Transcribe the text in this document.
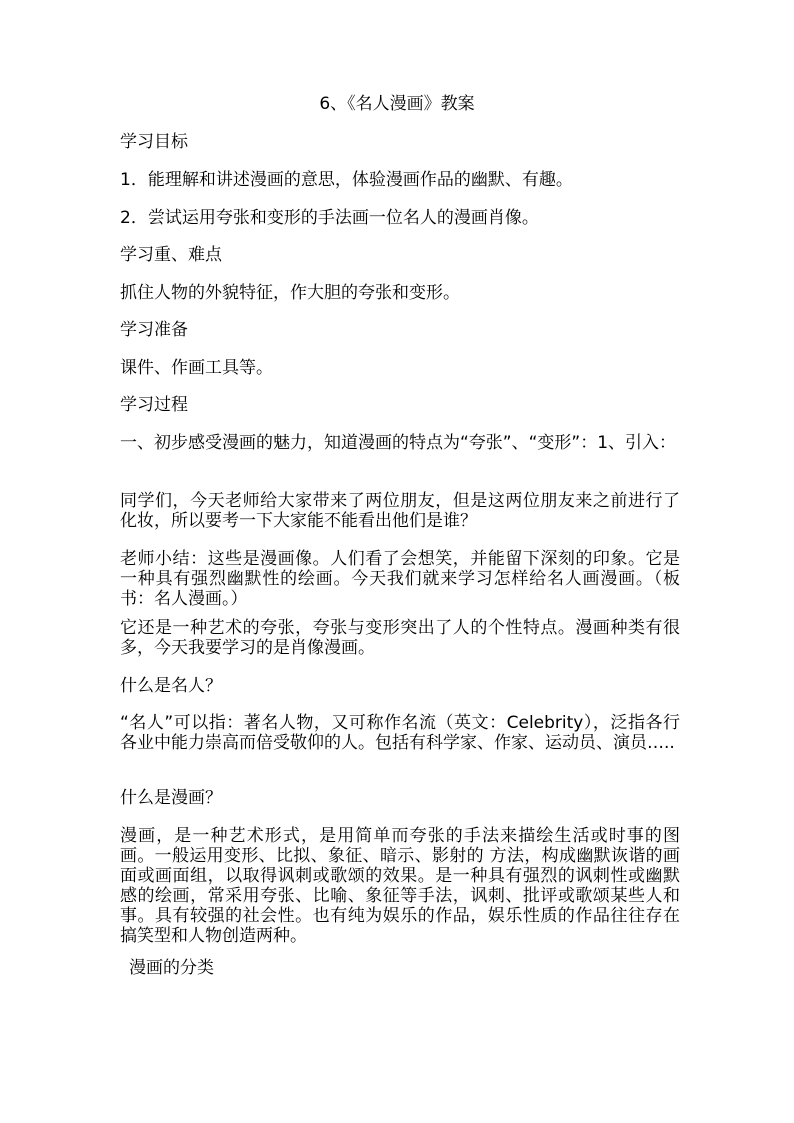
6、《名人漫画》教案

学习目标

1．能理解和讲述漫画的意思，体验漫画作品的幽默、有趣。

2．尝试运用夸张和变形的手法画一位名人的漫画肖像。

学习重、难点

抓住人物的外貌特征，作大胆的夸张和变形。

学习准备

课件、作画工具等。

学习过程

一、初步感受漫画的魅力，知道漫画的特点为“夸张”、“变形”：1、引入：

同学们，今天老师给大家带来了两位朋友，但是这两位朋友来之前进行了化妆，所以要考一下大家能不能看出他们是谁？

老师小结：这些是漫画像。人们看了会想笑，并能留下深刻的印象。它是一种具有强烈幽默性的绘画。今天我们就来学习怎样给名人画漫画。（板书：名人漫画。）

它还是一种艺术的夸张，夸张与变形突出了人的个性特点。漫画种类有很多，今天我要学习的是肖像漫画。

什么是名人？

“名人”可以指：著名人物，又可称作名流（英文：Celebrity），泛指各行各业中能力崇高而倍受敬仰的人。包括有科学家、作家、运动员、演员…..

什么是漫画？

漫画，是一种艺术形式，是用简单而夸张的手法来描绘生活或时事的图画。一般运用变形、比拟、象征、暗示、影射的 方法，构成幽默诙谐的画面或画面组，以取得讽刺或歌颂的效果。是一种具有强烈的讽刺性或幽默感的绘画，常采用夸张、比喻、象征等手法，讽刺、批评或歌颂某些人和事。具有较强的社会性。也有纯为娱乐的作品，娱乐性质的作品往往存在搞笑型和人物创造两种。

漫画的分类
